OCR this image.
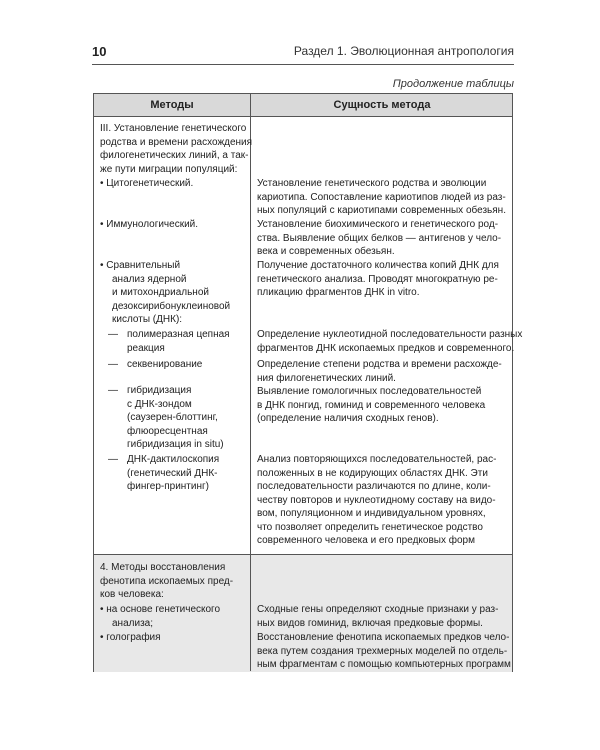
10	Раздел 1. Эволюционная антропология
Продолжение таблицы
Методы	Сущность метода
III. Установление генетического
родства и времени расхождения
филогенетических линий, а так-
же пути миграции популяций:
• Цитогенетический.
• Иммунологический.
• Сравнительный
анализ ядерной
и митохондриальной
дезоксирибонуклеиновой
кислоты (ДНК):
— полимеразная цепная
реакция
— секвенирование
— гибридизация
с ДНК-зондом
(саузерен-блоттинг,
флюоресцентная
гибридизация in situ)
— ДНК-дактилоскопия
(генетический ДНК-
фингер-принтинг)
Установление генетического родства и эволюции
кариотипа. Сопоставление кариотипов людей из раз-
ных популяций с кариотипами современных обезьян.
Установление биохимического и генетического род-
ства. Выявление общих белков — антигенов у чело-
века и современных обезьян.
Получение достаточного количества копий ДНК для
генетического анализа. Проводят многократную ре-
пликацию фрагментов ДНК in vitro.
Определение нуклеотидной последовательности разных
фрагментов ДНК ископаемых предков и современного.
Определение степени родства и времени расхожде-
ния филогенетических линий.
Выявление гомологичных последовательностей
в ДНК понгид, гоминид и современного человека
(определение наличия сходных генов).
Анализ повторяющихся последовательностей, рас-
положенных в не кодирующих областях ДНК. Эти
последовательности различаются по длине, коли-
честву повторов и нуклеотидному составу на видо-
вом, популяционном и индивидуальном уровнях,
что позволяет определить генетическое родство
современного человека и его предковых форм
4. Методы восстановления
фенотипа ископаемых пред-
ков человека:
• на основе генетического
анализа;
• голография
Сходные гены определяют сходные признаки у раз-
ных видов гоминид, включая предковые формы.
Восстановление фенотипа ископаемых предков чело-
века путем создания трехмерных моделей по отдель-
ным фрагментам с помощью компьютерных программ
